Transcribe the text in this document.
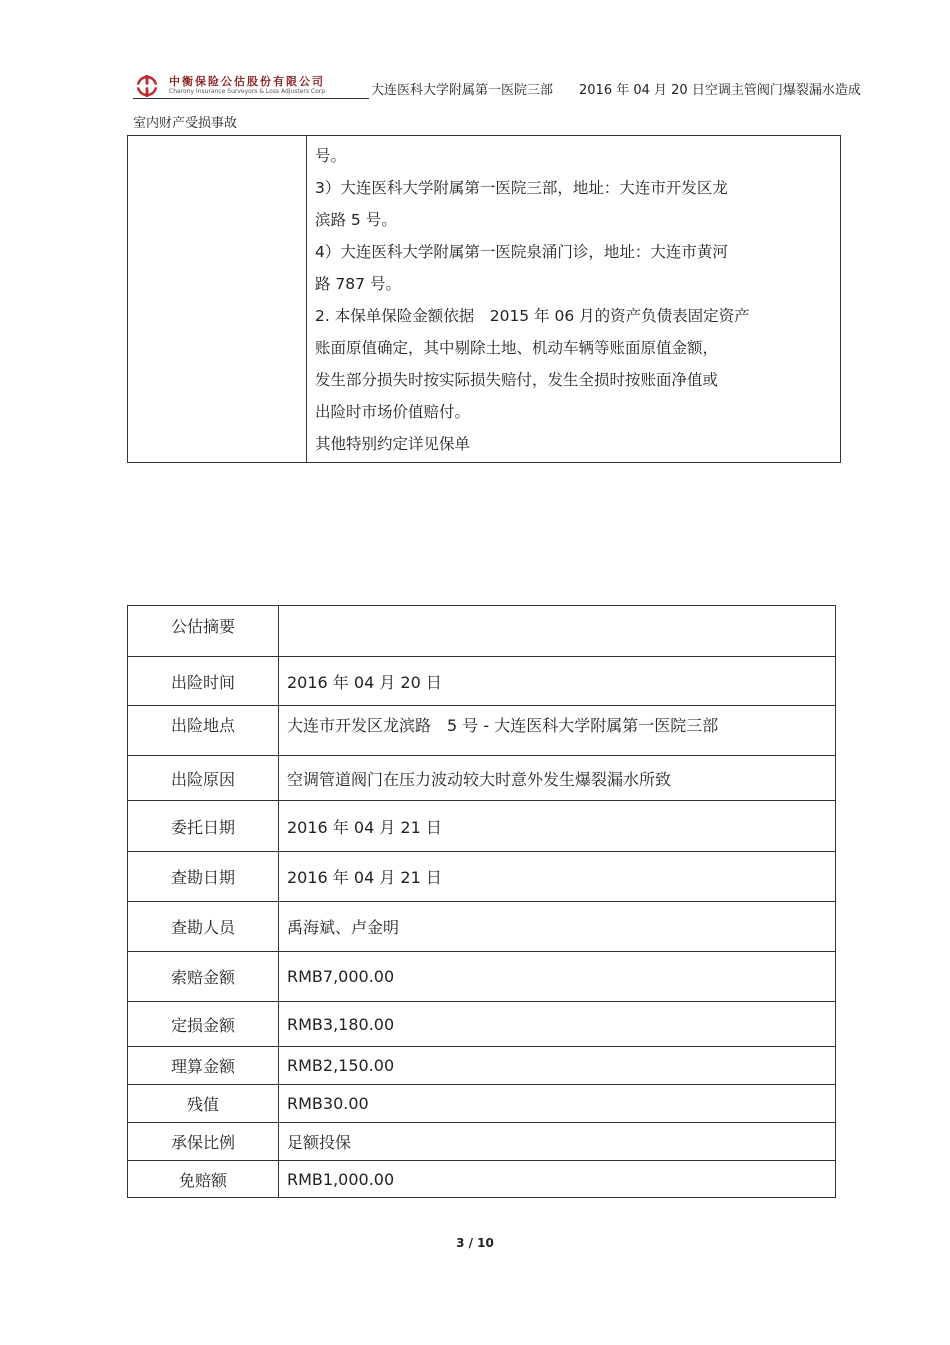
中衡保险公估股份有限公司
Charony Insurance Surveyors & Loss Adjusters Corp.	大连医科大学附属第一医院三部　　2016 年 04 月 20 日空调主管阀门爆裂漏水造成
室内财产受损事故

号。
3）大连医科大学附属第一医院三部，地址：大连市开发区龙
滨路 5 号。
4）大连医科大学附属第一医院泉涌门诊，地址：大连市黄河
路 787 号。
2. 本保单保险金额依据　2015 年 06 月的资产负债表固定资产
账面原值确定，其中剔除土地、机动车辆等账面原值金额，
发生部分损失时按实际损失赔付，发生全损时按账面净值或
出险时市场价值赔付。
其他特别约定详见保单
公估摘要	
出险时间	2016 年 04 月 20 日
出险地点	大连市开发区龙滨路　5 号 - 大连医科大学附属第一医院三部
出险原因	空调管道阀门在压力波动较大时意外发生爆裂漏水所致
委托日期	2016 年 04 月 21 日
查勘日期	2016 年 04 月 21 日
查勘人员	禹海斌、卢金明
索赔金额	RMB7,000.00
定损金额	RMB3,180.00
理算金额	RMB2,150.00
残值	RMB30.00
承保比例	足额投保
免赔额	RMB1,000.00
3 / 10
